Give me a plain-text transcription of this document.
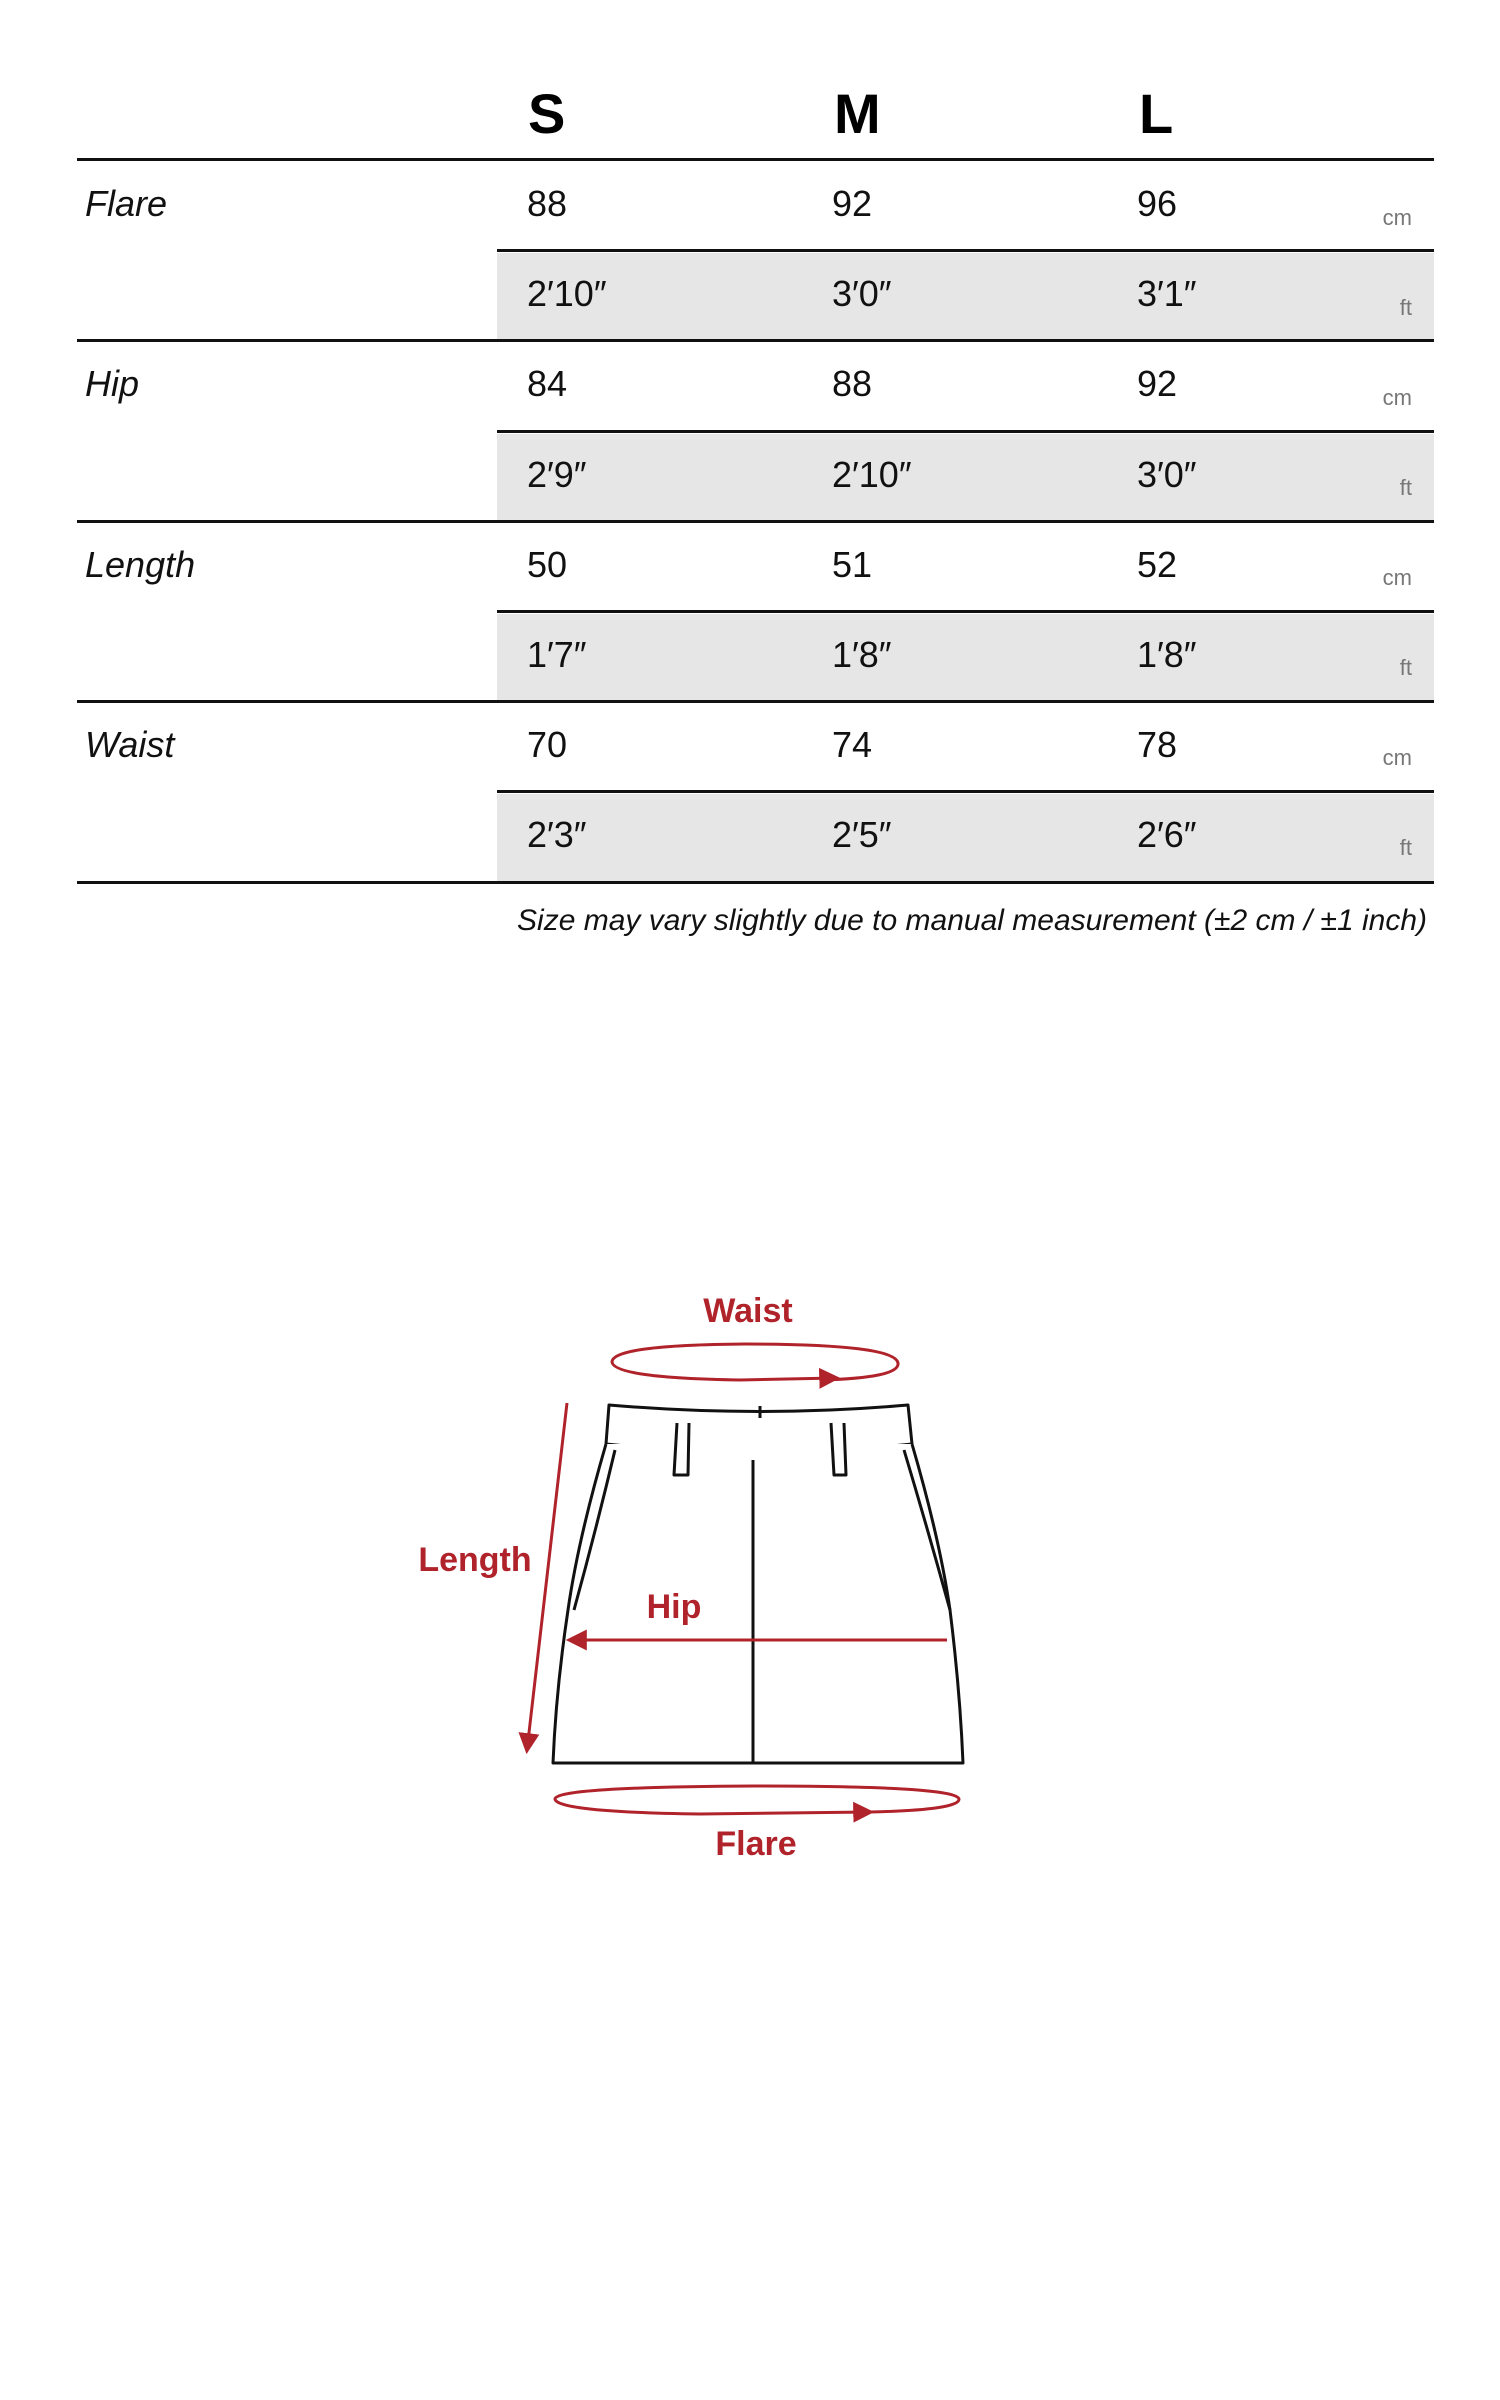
S	M	L
Flare	88	92	96	cm
2′10″	3′0″	3′1″	ft
Hip	84	88	92	cm
2′9″	2′10″	3′0″	ft
Length	50	51	52	cm
1′7″	1′8″	1′8″	ft
Waist	70	74	78	cm
2′3″	2′5″	2′6″	ft
Size may vary slightly due to manual measurement (±2 cm / ±1 inch)
Waist
Length
Hip
Flare
